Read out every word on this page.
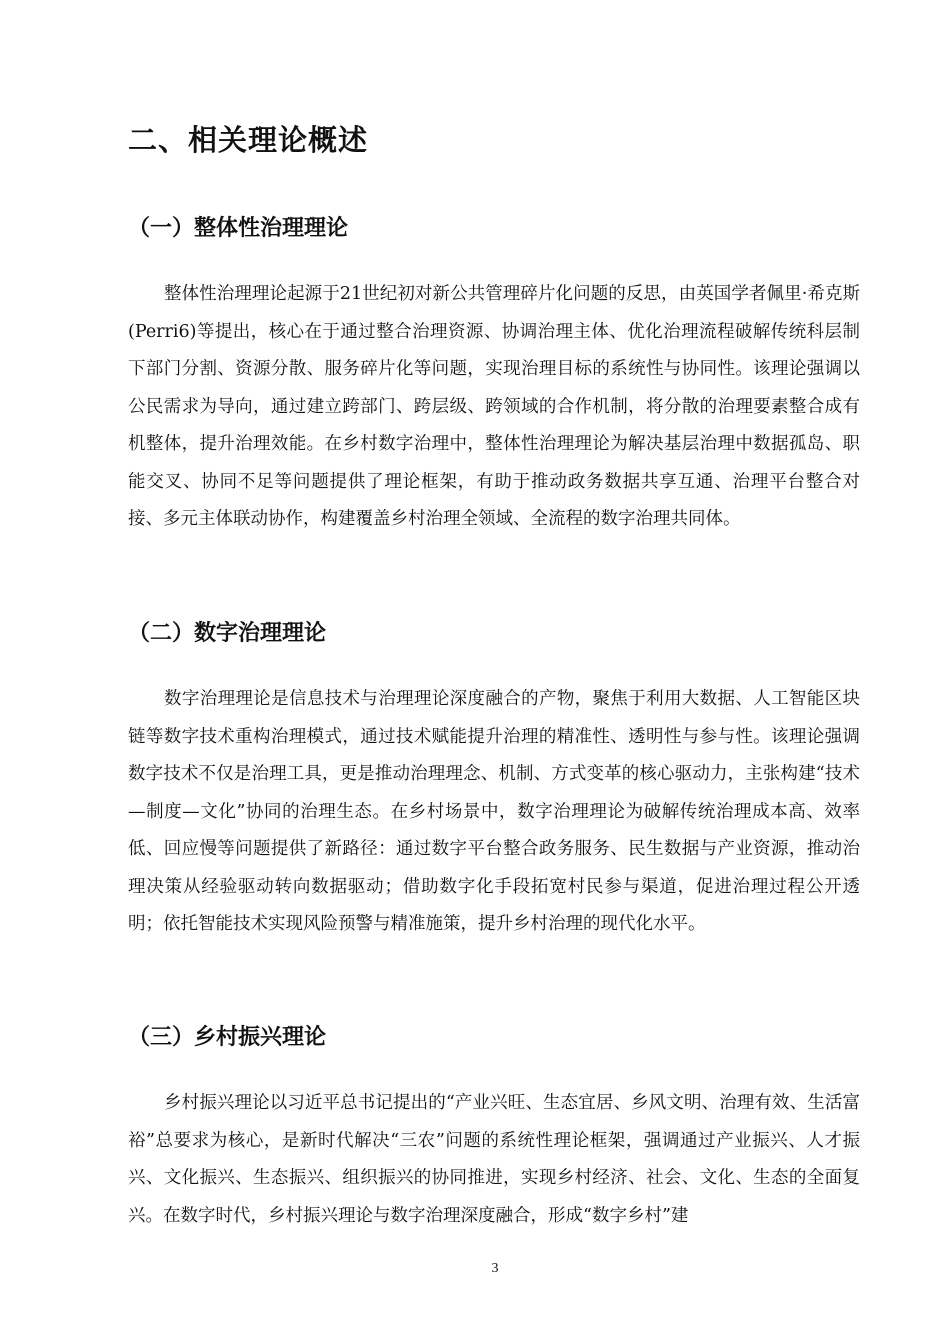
二、相关理论概述
（一）整体性治理理论

整体性治理理论起源于21世纪初对新公共管理碎片化问题的反思，由英国学者佩里·希克斯(Perri6)等提出，核心在于通过整合治理资源、协调治理主体、优化治理流程破解传统科层制下部门分割、资源分散、服务碎片化等问题，实现治理目标的系统性与协同性。该理论强调以公民需求为导向，通过建立跨部门、跨层级、跨领域的合作机制，将分散的治理要素整合成有机整体，提升治理效能。在乡村数字治理中，整体性治理理论为解决基层治理中数据孤岛、职能交叉、协同不足等问题提供了理论框架，有助于推动政务数据共享互通、治理平台整合对接、多元主体联动协作，构建覆盖乡村治理全领域、全流程的数字治理共同体。

（二）数字治理理论

数字治理理论是信息技术与治理理论深度融合的产物，聚焦于利用大数据、人工智能区块链等数字技术重构治理模式，通过技术赋能提升治理的精准性、透明性与参与性。该理论强调数字技术不仅是治理工具，更是推动治理理念、机制、方式变革的核心驱动力，主张构建“技术—制度—文化”协同的治理生态。在乡村场景中，数字治理理论为破解传统治理成本高、效率低、回应慢等问题提供了新路径：通过数字平台整合政务服务、民生数据与产业资源，推动治理决策从经验驱动转向数据驱动；借助数字化手段拓宽村民参与渠道，促进治理过程公开透明；依托智能技术实现风险预警与精准施策，提升乡村治理的现代化水平。

（三）乡村振兴理论

乡村振兴理论以习近平总书记提出的“产业兴旺、生态宜居、乡风文明、治理有效、生活富裕”总要求为核心，是新时代解决“三农”问题的系统性理论框架，强调通过产业振兴、人才振兴、文化振兴、生态振兴、组织振兴的协同推进，实现乡村经济、社会、文化、生态的全面复兴。在数字时代，乡村振兴理论与数字治理深度融合，形成“数字乡村”建

3
